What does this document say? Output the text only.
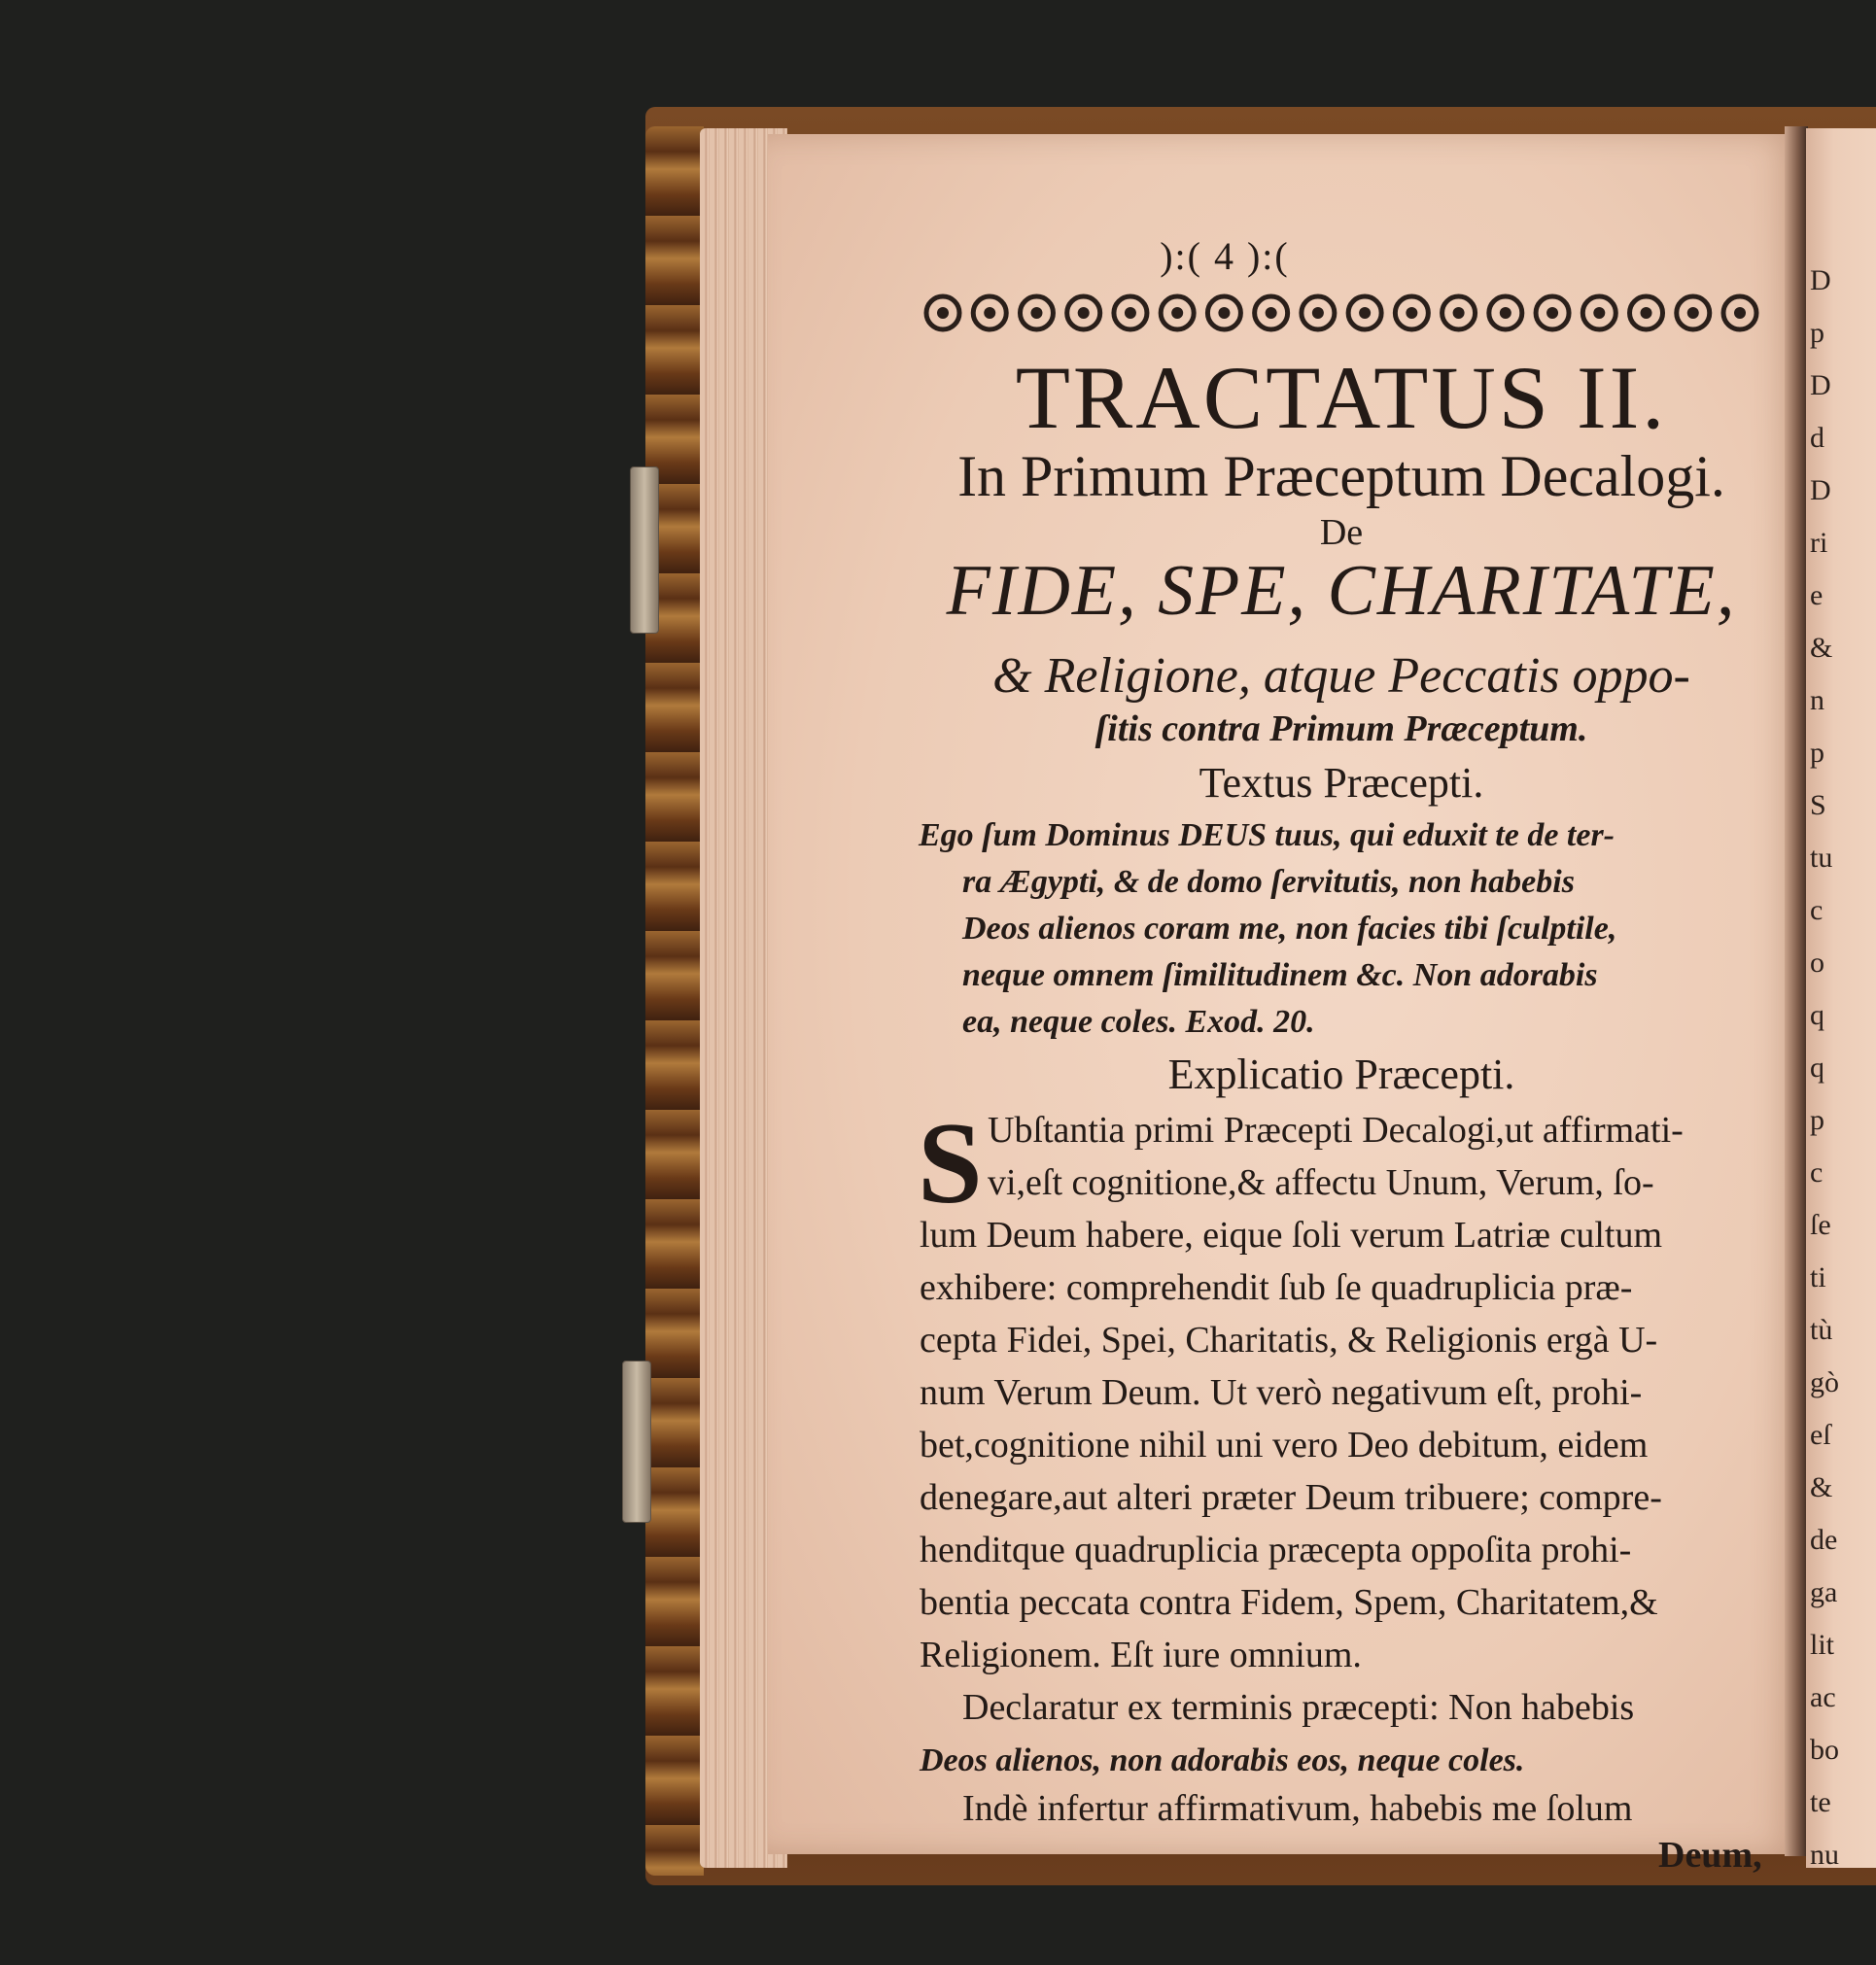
D
p
D
d
D
ri
e
&
n
p
S
tu
c
o
q
q
p
c
ſe
ti
tù
gò
eſ
&
de
ga
lit
ac
bo
te
nu
):( 4 ):(
TRACTATUS II.
In Primum Præceptum Decalogi.
De
FIDE, SPE, CHARITATE,
& Religione, atque Peccatis oppo-
ſitis contra Primum Præceptum.
Textus Præcepti.
Ego ſum Dominus DEUS tuus, qui eduxit te de ter-
ra Ægypti, & de domo ſervitutis, non habebis
Deos alienos coram me, non facies tibi ſculptile,
neque omnem ſimilitudinem &c. Non adorabis
ea, neque coles. Exod. 20.
Explicatio Præcepti.
S Ubſtantia primi Præcepti Decalogi,ut affirmati-
vi,eſt cognitione,& affectu Unum, Verum, ſo-
lum Deum habere, eique ſoli verum Latriæ cultum
exhibere: comprehendit ſub ſe quadruplicia præ-
cepta Fidei, Spei, Charitatis, & Religionis ergà U-
num Verum Deum. Ut verò negativum eſt, prohi-
bet,cognitione nihil uni vero Deo debitum, eidem
denegare,aut alteri præter Deum tribuere; compre-
henditque quadruplicia præcepta oppoſita prohi-
bentia peccata contra Fidem, Spem, Charitatem,&
Religionem. Eſt iure omnium.
Declaratur ex terminis præcepti: Non habebis
Deos alienos, non adorabis eos, neque coles.
Indè infertur affirmativum, habebis me ſolum
Deum,
